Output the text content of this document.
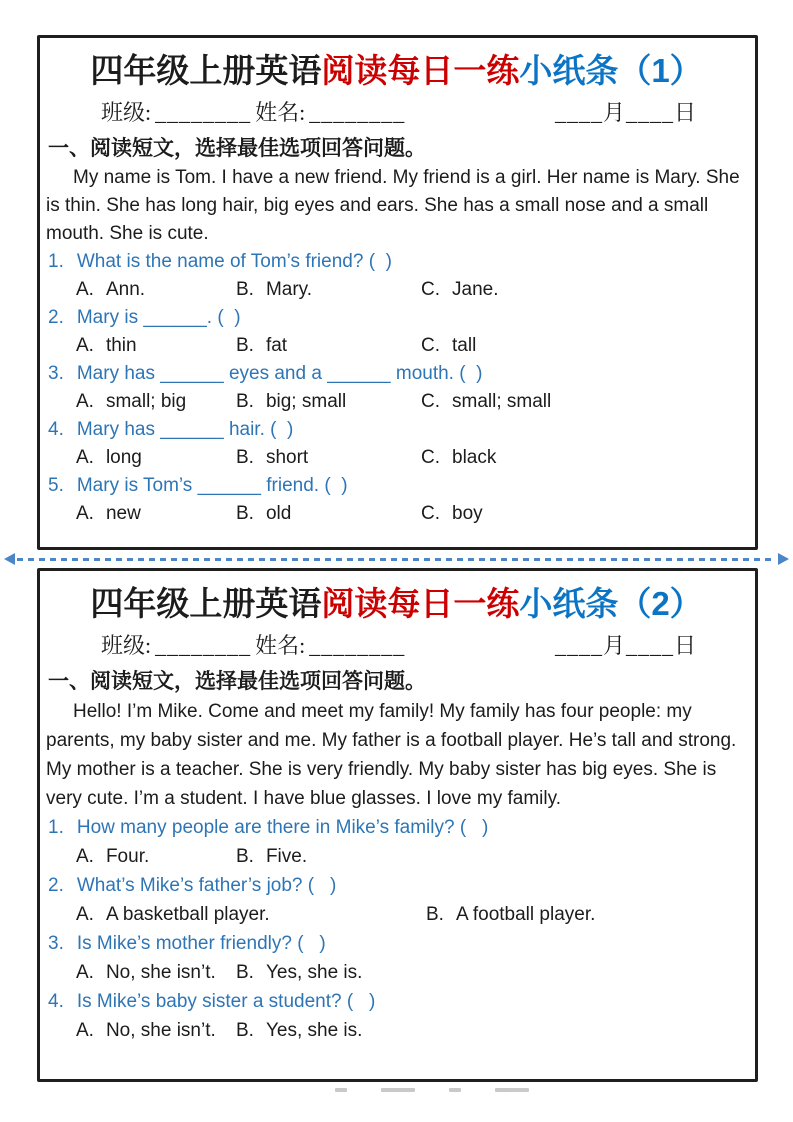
四年级上册英语阅读每日一练小纸条（1）
班级: ________ 姓名: ________	____月____日
一、阅读短文，选择最佳选项回答问题。

My name is Tom. I have a new friend. My friend is a girl. Her name is Mary. She is thin. She has long hair, big eyes and ears. She has a small nose and a small mouth. She is cute.

1. What is the name of Tom’s friend? (  )
A. Ann.	B. Mary.	C. Jane.
2. Mary is ______. (  )
A. thin	B. fat	C. tall
3. Mary has ______ eyes and a ______ mouth. (  )
A. small; big	B. big; small	C. small; small
4. Mary has ______ hair. (  )
A. long	B. short	C. black
5. Mary is Tom’s ______ friend. (  )
A. new	B. old	C. boy
四年级上册英语阅读每日一练小纸条（2）
班级: ________ 姓名: ________	____月____日
一、阅读短文，选择最佳选项回答问题。

Hello! I’m Mike. Come and meet my family! My family has four people: my parents, my baby sister and me. My father is a football player. He’s tall and strong. My mother is a teacher. She is very friendly. My baby sister has big eyes. She is very cute. I’m a student. I have blue glasses. I love my family.

1. How many people are there in Mike’s family? (   )
A. Four.	B. Five.
2. What’s Mike’s father’s job? (   )
A. A basketball player.	B. A football player.
3. Is Mike’s mother friendly? (   )
A. No, she isn’t.	B. Yes, she is.
4. Is Mike’s baby sister a student? (   )
A. No, she isn’t.	B. Yes, she is.
